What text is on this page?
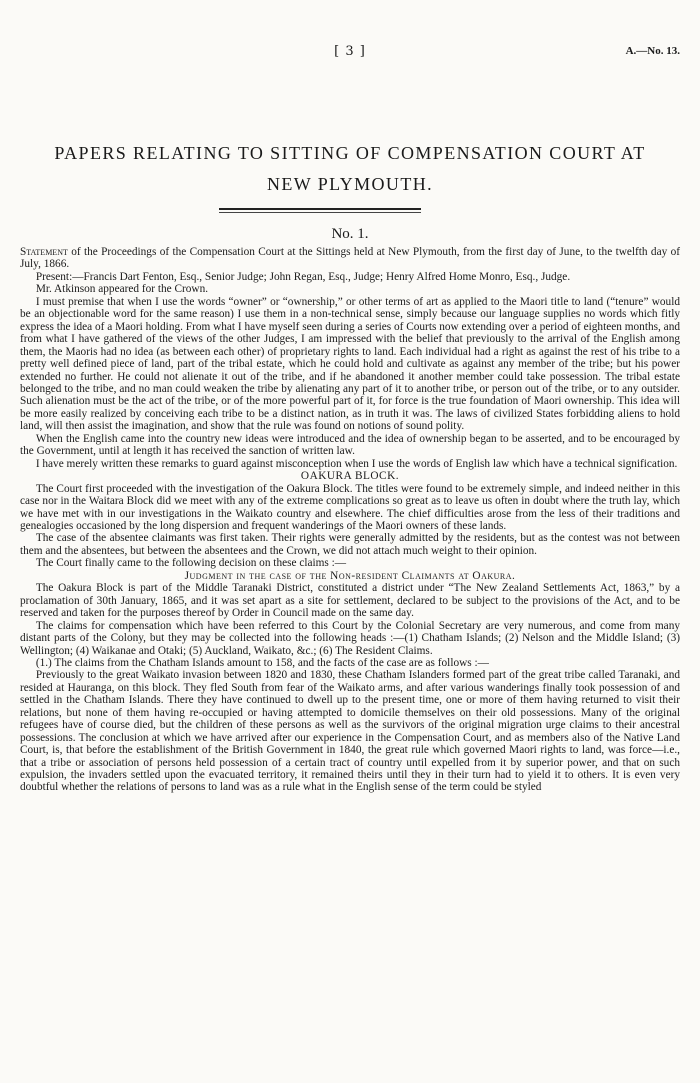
[ 3 ]	A.—No. 13.
PAPERS RELATING TO SITTING OF COMPENSATION COURT AT
NEW PLYMOUTH.
No. 1.

Statement of the Proceedings of the Compensation Court at the Sittings held at New Plymouth, from the first day of June, to the twelfth day of July, 1866.

Present:—Francis Dart Fenton, Esq., Senior Judge; John Regan, Esq., Judge; Henry Alfred Home Monro, Esq., Judge.

Mr. Atkinson appeared for the Crown.

I must premise that when I use the words “owner” or “ownership,” or other terms of art as applied to the Maori title to land (“tenure” would be an objectionable word for the same reason) I use them in a non-technical sense, simply because our language supplies no words which fitly express the idea of a Maori holding. From what I have myself seen during a series of Courts now extending over a period of eighteen months, and from what I have gathered of the views of the other Judges, I am impressed with the belief that previously to the arrival of the English among them, the Maoris had no idea (as between each other) of proprietary rights to land. Each individual had a right as against the rest of his tribe to a pretty well defined piece of land, part of the tribal estate, which he could hold and cultivate as against any member of the tribe; but his power extended no further. He could not alienate it out of the tribe, and if he abandoned it another member could take possession. The tribal estate belonged to the tribe, and no man could weaken the tribe by alienating any part of it to another tribe, or person out of the tribe, or to any outsider. Such alienation must be the act of the tribe, or of the more powerful part of it, for force is the true foundation of Maori ownership. This idea will be more easily realized by conceiving each tribe to be a distinct nation, as in truth it was. The laws of civilized States forbidding aliens to hold land, will then assist the imagination, and show that the rule was found on notions of sound polity.

When the English came into the country new ideas were introduced and the idea of ownership began to be asserted, and to be encouraged by the Government, until at length it has received the sanction of written law.

I have merely written these remarks to guard against misconception when I use the words of English law which have a technical signification.

OAKURA BLOCK.

The Court first proceeded with the investigation of the Oakura Block. The titles were found to be extremely simple, and indeed neither in this case nor in the Waitara Block did we meet with any of the extreme complications so great as to leave us often in doubt where the truth lay, which we have met with in our investigations in the Waikato country and elsewhere. The chief difficulties arose from the less of their traditions and genealogies occasioned by the long dispersion and frequent wanderings of the Maori owners of these lands.

The case of the absentee claimants was first taken. Their rights were generally admitted by the residents, but as the contest was not between them and the absentees, but between the absentees and the Crown, we did not attach much weight to their opinion.

The Court finally came to the following decision on these claims :—

Judgment in the case of the Non-resident Claimants at Oakura.

The Oakura Block is part of the Middle Taranaki District, constituted a district under “The New Zealand Settlements Act, 1863,” by a proclamation of 30th January, 1865, and it was set apart as a site for settlement, declared to be subject to the provisions of the Act, and to be reserved and taken for the purposes thereof by Order in Council made on the same day.

The claims for compensation which have been referred to this Court by the Colonial Secretary are very numerous, and come from many distant parts of the Colony, but they may be collected into the following heads :—(1) Chatham Islands; (2) Nelson and the Middle Island; (3) Wellington; (4) Waikanae and Otaki; (5) Auckland, Waikato, &c.; (6) The Resident Claims.

(1.) The claims from the Chatham Islands amount to 158, and the facts of the case are as follows :—

Previously to the great Waikato invasion between 1820 and 1830, these Chatham Islanders formed part of the great tribe called Taranaki, and resided at Hauranga, on this block. They fled South from fear of the Waikato arms, and after various wanderings finally took possession of and settled in the Chatham Islands. There they have continued to dwell up to the present time, one or more of them having returned to visit their relations, but none of them having re-occupied or having attempted to domicile themselves on their old possessions. Many of the original refugees have of course died, but the children of these persons as well as the survivors of the original migration urge claims to their ancestral possessions. The conclusion at which we have arrived after our experience in the Compensation Court, and as members also of the Native Land Court, is, that before the establishment of the British Government in 1840, the great rule which governed Maori rights to land, was force—i.e., that a tribe or association of persons held possession of a certain tract of country until expelled from it by superior power, and that on such expulsion, the invaders settled upon the evacuated territory, it remained theirs until they in their turn had to yield it to others. It is even very doubtful whether the relations of persons to land was as a rule what in the English sense of the term could be styled
